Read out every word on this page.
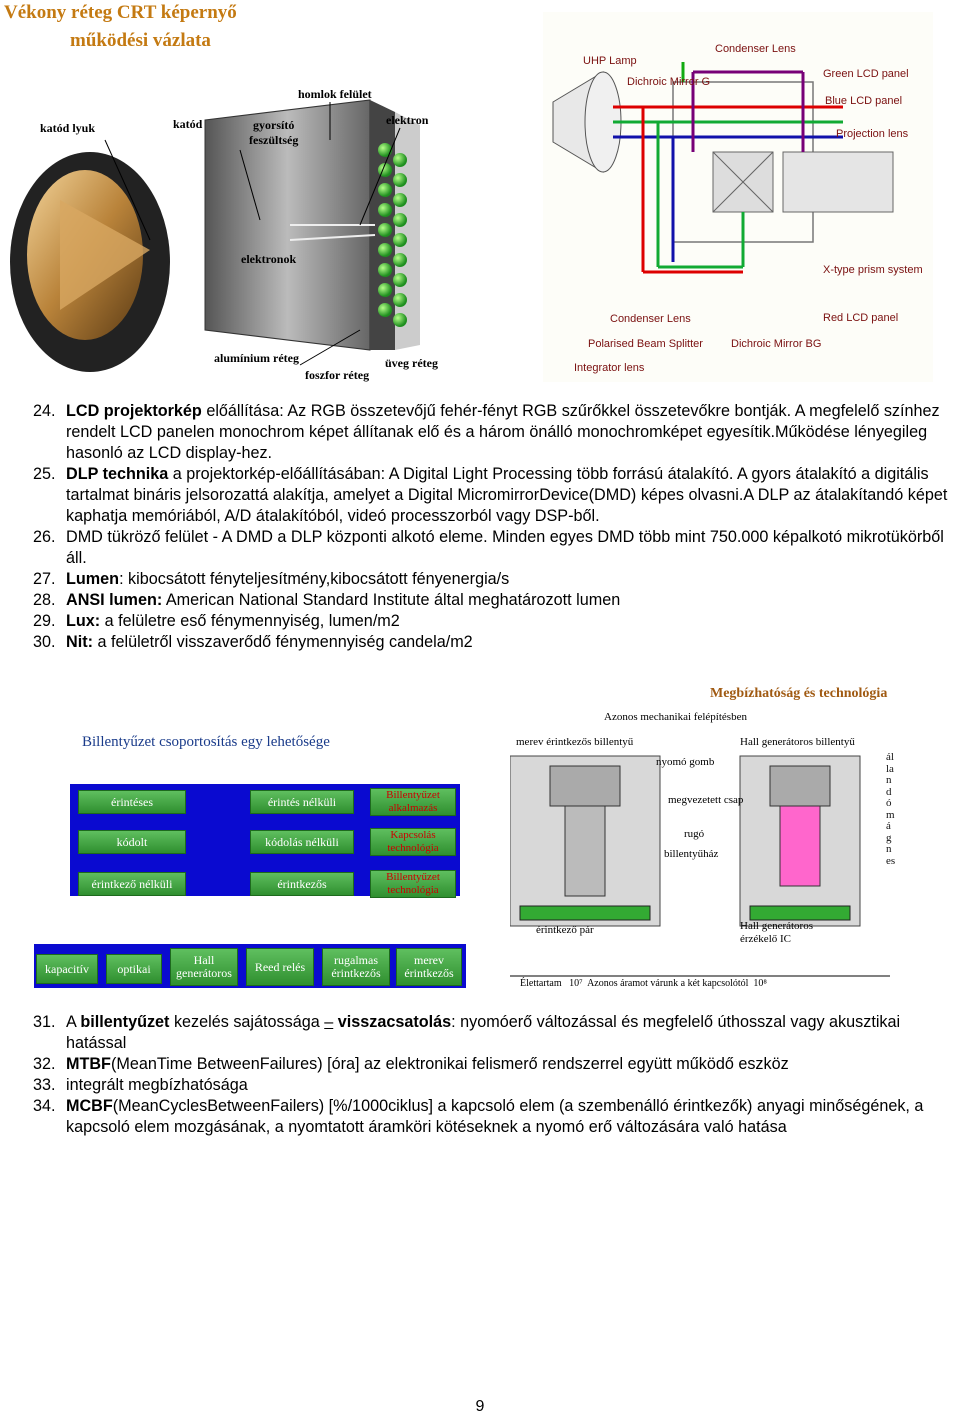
Vékony réteg CRT képernyő
működési vázlata
katód lyuk	katód	gyorsító
feszültség
homlok felület
elektron
elektronok
alumínium réteg
foszfor réteg
üveg réteg
UHP Lamp
Condenser Lens
Dichroic Mirror G
Green LCD panel
Blue LCD panel
Projection lens
X-type prism system
Condenser Lens	Red LCD panel
Polarised Beam Splitter	Dichroic Mirror BG
Integrator lens

24. LCD projektorkép előállítása: Az RGB összetevőjű fehér-fényt RGB szűrőkkel összetevőkre bontják. A megfelelő színhez rendelt LCD panelen monochrom képet állítanak elő és a három önálló monochromképet egyesítik.Működése lényegileg hasonló az LCD display-hez.

25. DLP technika a projektorkép-előállításában: A Digital Light Processing több forrású átalakító. A gyors átalakító a digitális tartalmat bináris jelsorozattá alakítja, amelyet a Digital MicromirrorDevice(DMD) képes olvasni.A DLP az átalakítandó képet kaphatja memóriából, A/D átalakítóból, videó processzorból vagy DSP-ből.

26. DMD tükröző felület - A DMD a DLP központi alkotó eleme. Minden egyes DMD több mint 750.000 képalkotó mikrotükörből áll.

27. Lumen: kibocsátott fényteljesítmény,kibocsátott fényenergia/s

28. ANSI lumen: American National Standard Institute által meghatározott lumen

29. Lux: a felületre eső fénymennyiség, lumen/m2

30. Nit: a felületről visszaverődő fénymennyiség candela/m2

Billentyűzet csoportosítás egy lehetősége
érintéses	érintés nélküli	Billentyűzet alkalmazás
kódolt	kódolás nélküli	Kapcsolás technológia
érintkező nélküli	érintkezős	Billentyűzet technológia
kapacitív	optikai
Hall generátoros	Reed relés	rugalmas érintkezős
merev érintkezős
Megbízhatóság és technológia
Azonos mechanikai felépítésben
merev érintkezős billentyű	Hall generátoros billentyű
nyomó gomb
megvezetett csap
rugó
billentyűház
érintkező pár	Hall generátoros érzékelő IC
állandó mágnes
Élettartam   10⁷  Azonos áramot várunk a két kapcsolótól  10⁸

31. A billentyűzet kezelés sajátossága – visszacsatolás: nyomóerő változással és megfelelő úthosszal vagy akusztikai hatással

32. MTBF(MeanTime BetweenFailures) [óra] az elektronikai felismerő rendszerrel együtt működő eszköz

33. integrált megbízhatósága

34. MCBF(MeanCyclesBetweenFailers) [%/1000ciklus] a kapcsoló elem (a szembenálló érintkezők) anyagi minőségének, a kapcsoló elem mozgásának, a nyomtatott áramköri kötéseknek a nyomó erő változására való hatása

9
